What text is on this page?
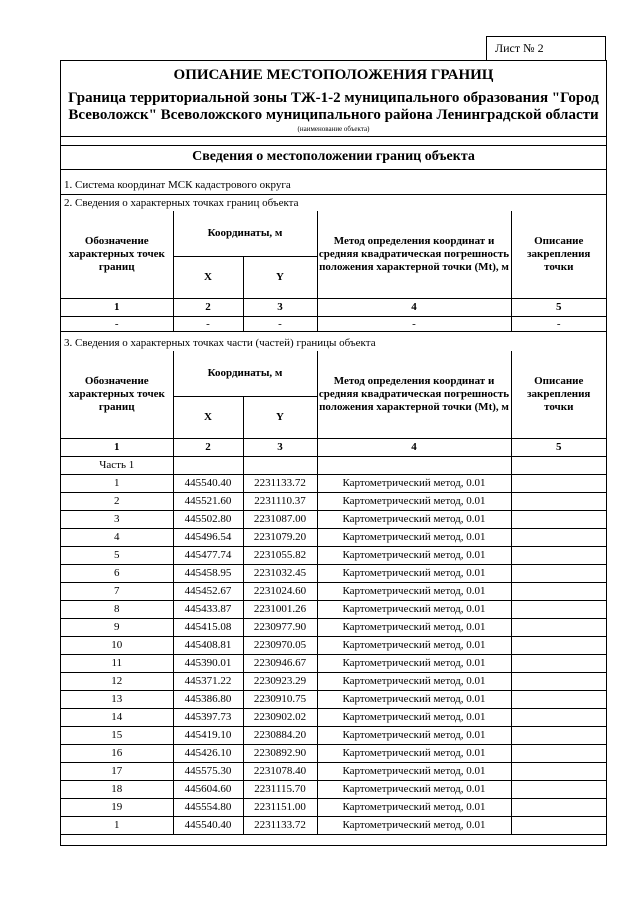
Лист № 2
ОПИСАНИЕ МЕСТОПОЛОЖЕНИЯ ГРАНИЦ
Граница территориальной зоны ТЖ-1-2 муниципального образования "Город
Всеволожск" Всеволожского муниципального района Ленинградской области
(наименование объекта)
Сведения о местоположении границ объекта
1. Система координат МСК кадастрового округа
2. Сведения о характерных точках границ объекта
Обозначение характерных точек границ	Координаты, м		Метод определения координат и средняя квадратическая погрешность положения характерной точки (Mt), м	Описание закрепления точки
	X	Y		
1	2	3	4	5
-	-	-	-	-
3. Сведения о характерных точках части (частей) границы объекта
Обозначение характерных точек границ	Координаты, м		Метод определения координат и средняя квадратическая погрешность положения характерной точки (Mt), м	Описание закрепления точки
	X	Y		
1	2	3	4	5
Часть 1				
1	445540.40	2231133.72	Картометрический метод, 0.01	
2	445521.60	2231110.37	Картометрический метод, 0.01	
3	445502.80	2231087.00	Картометрический метод, 0.01	
4	445496.54	2231079.20	Картометрический метод, 0.01	
5	445477.74	2231055.82	Картометрический метод, 0.01	
6	445458.95	2231032.45	Картометрический метод, 0.01	
7	445452.67	2231024.60	Картометрический метод, 0.01	
8	445433.87	2231001.26	Картометрический метод, 0.01	
9	445415.08	2230977.90	Картометрический метод, 0.01	
10	445408.81	2230970.05	Картометрический метод, 0.01	
11	445390.01	2230946.67	Картометрический метод, 0.01	
12	445371.22	2230923.29	Картометрический метод, 0.01	
13	445386.80	2230910.75	Картометрический метод, 0.01	
14	445397.73	2230902.02	Картометрический метод, 0.01	
15	445419.10	2230884.20	Картометрический метод, 0.01	
16	445426.10	2230892.90	Картометрический метод, 0.01	
17	445575.30	2231078.40	Картометрический метод, 0.01	
18	445604.60	2231115.70	Картометрический метод, 0.01	
19	445554.80	2231151.00	Картометрический метод, 0.01	
1	445540.40	2231133.72	Картометрический метод, 0.01	
